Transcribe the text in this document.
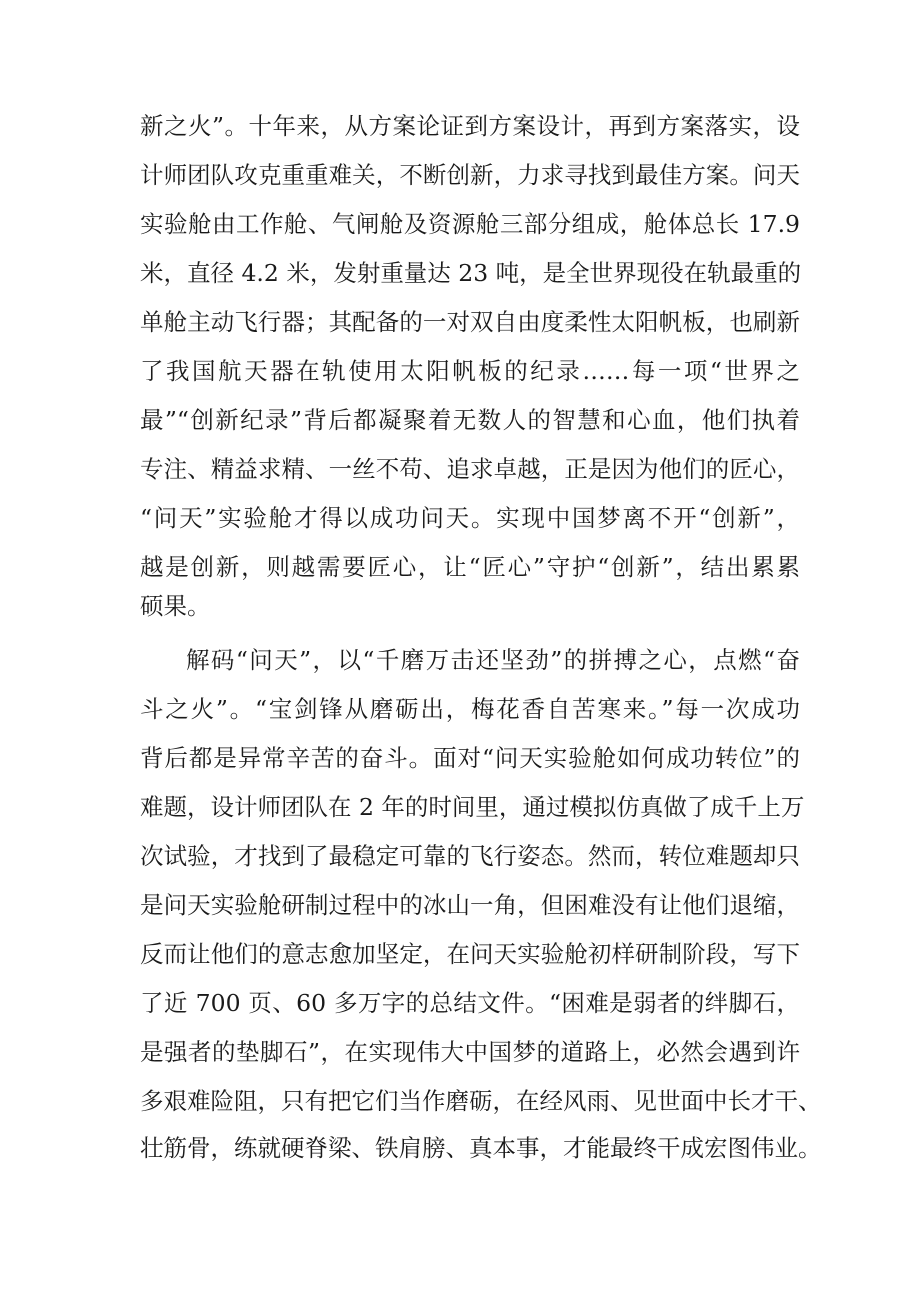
新之火”。十年来，从方案论证到方案设计，再到方案落实，设
计师团队攻克重重难关，不断创新，力求寻找到最佳方案。问天
实验舱由工作舱、气闸舱及资源舱三部分组成，舱体总长 17.9
米，直径 4.2 米，发射重量达 23 吨，是全世界现役在轨最重的
单舱主动飞行器；其配备的一对双自由度柔性太阳帆板，也刷新
了我国航天器在轨使用太阳帆板的纪录……每一项“世界之
最”“创新纪录”背后都凝聚着无数人的智慧和心血，他们执着
专注、精益求精、一丝不苟、追求卓越，正是因为他们的匠心，
“问天”实验舱才得以成功问天。实现中国梦离不开“创新”，
越是创新，则越需要匠心，让“匠心”守护“创新”，结出累累
硕果。
解码“问天”，以“千磨万击还坚劲”的拼搏之心，点燃“奋
斗之火”。“宝剑锋从磨砺出，梅花香自苦寒来。”每一次成功
背后都是异常辛苦的奋斗。面对“问天实验舱如何成功转位”的
难题，设计师团队在 2 年的时间里，通过模拟仿真做了成千上万
次试验，才找到了最稳定可靠的飞行姿态。然而，转位难题却只
是问天实验舱研制过程中的冰山一角，但困难没有让他们退缩，
反而让他们的意志愈加坚定，在问天实验舱初样研制阶段，写下
了近 700 页、60 多万字的总结文件。“困难是弱者的绊脚石，
是强者的垫脚石”，在实现伟大中国梦的道路上，必然会遇到许
多艰难险阻，只有把它们当作磨砺，在经风雨、见世面中长才干、
壮筋骨，练就硬脊梁、铁肩膀、真本事，才能最终干成宏图伟业。
